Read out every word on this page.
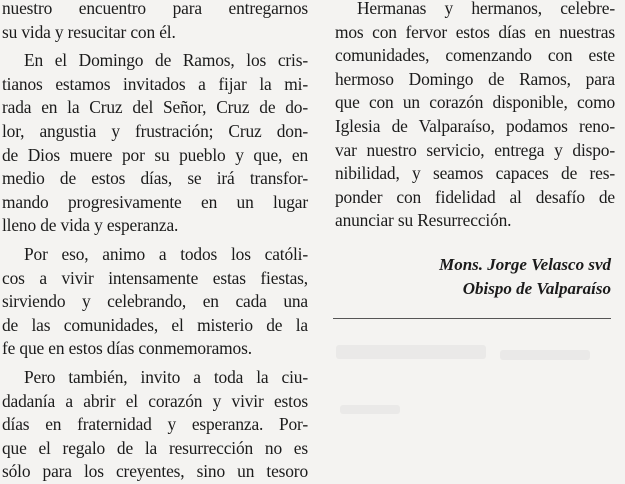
nuestro encuentro para entregarnos
su vida y resucitar con él.
En el Domingo de Ramos, los cris-
tianos estamos invitados a fijar la mi-
rada en la Cruz del Señor, Cruz de do-
lor, angustia y frustración; Cruz don-
de Dios muere por su pueblo y que, en
medio de estos días, se irá transfor-
mando progresivamente en un lugar
lleno de vida y esperanza.
Por eso, animo a todos los católi-
cos a vivir intensamente estas fiestas,
sirviendo y celebrando, en cada una
de las comunidades, el misterio de la
fe que en estos días conmemoramos.
Pero también, invito a toda la ciu-
dadanía a abrir el corazón y vivir estos
días en fraternidad y esperanza. Por-
que el regalo de la resurrección no es
sólo para los creyentes, sino un tesoro
Hermanas y hermanos, celebre-
mos con fervor estos días en nuestras
comunidades, comenzando con este
hermoso Domingo de Ramos, para
que con un corazón disponible, como
Iglesia de Valparaíso, podamos reno-
var nuestro servicio, entrega y dispo-
nibilidad, y seamos capaces de res-
ponder con fidelidad al desafío de
anunciar su Resurrección.
Mons. Jorge Velasco svd
Obispo de Valparaíso
